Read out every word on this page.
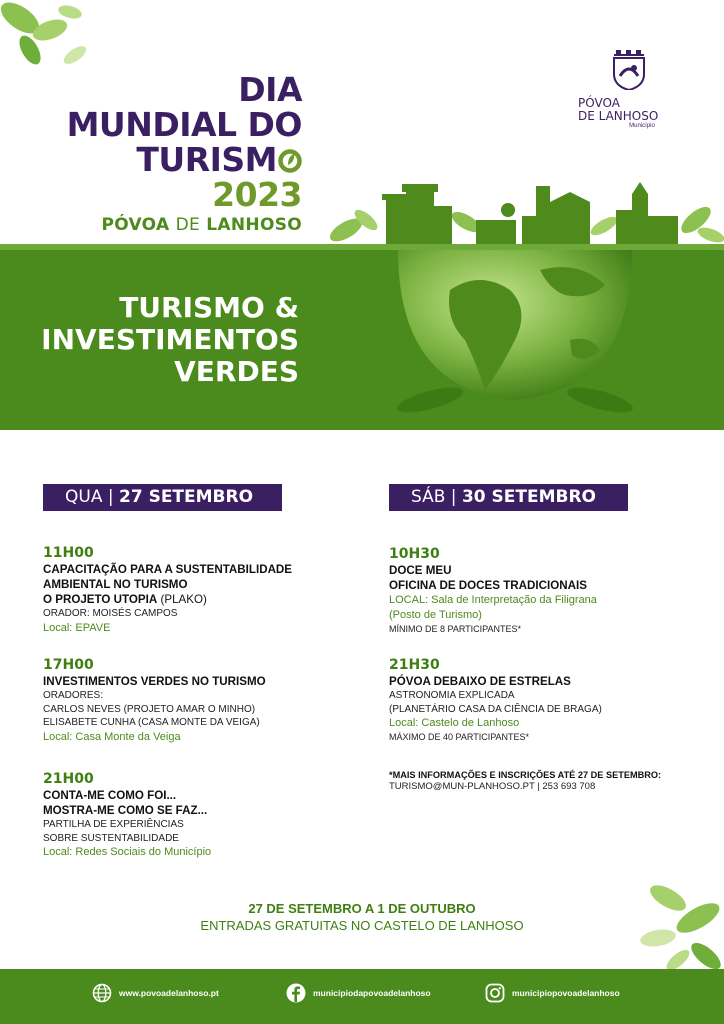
DIA
MUNDIAL DO
TURISM
2023
PÓVOA DE LANHOSO
PÓVOA
DE LANHOSO
Município
TURISMO &
INVESTIMENTOS
VERDES
QUA | 27 SETEMBRO	SÁB | 30 SETEMBRO
11H00
CAPACITAÇÃO PARA A SUSTENTABILIDADE
AMBIENTAL NO TURISMO
O PROJETO UTOPIA (PLAKO)
ORADOR: MOISÉS CAMPOS
Local: EPAVE
17H00
INVESTIMENTOS VERDES NO TURISMO
ORADORES:
CARLOS NEVES (PROJETO AMAR O MINHO)
ELISABETE CUNHA (CASA MONTE DA VEIGA)
Local: Casa Monte da Veiga
21H00
CONTA-ME COMO FOI...
MOSTRA-ME COMO SE FAZ...
PARTILHA DE EXPERIÊNCIAS
SOBRE SUSTENTABILIDADE
Local: Redes Sociais do Município
10H30
DOCE MEU
OFICINA DE DOCES TRADICIONAIS
LOCAL: Sala de Interpretação da Filigrana
(Posto de Turismo)
MÍNIMO DE 8 PARTICIPANTES*
21H30
PÓVOA DEBAIXO DE ESTRELAS
ASTRONOMIA EXPLICADA
(PLANETÁRIO CASA DA CIÊNCIA DE BRAGA)
Local: Castelo de Lanhoso
MÁXIMO DE 40 PARTICIPANTES*
*MAIS INFORMAÇÕES E INSCRIÇÕES ATÉ 27 DE SETEMBRO:
TURISMO@MUN-PLANHOSO.PT | 253 693 708
27 DE SETEMBRO A 1 DE OUTUBRO
ENTRADAS GRATUITAS NO CASTELO DE LANHOSO
www.povoadelanhoso.pt	municipiodapovoadelanhoso	municipiopovoadelanhoso
